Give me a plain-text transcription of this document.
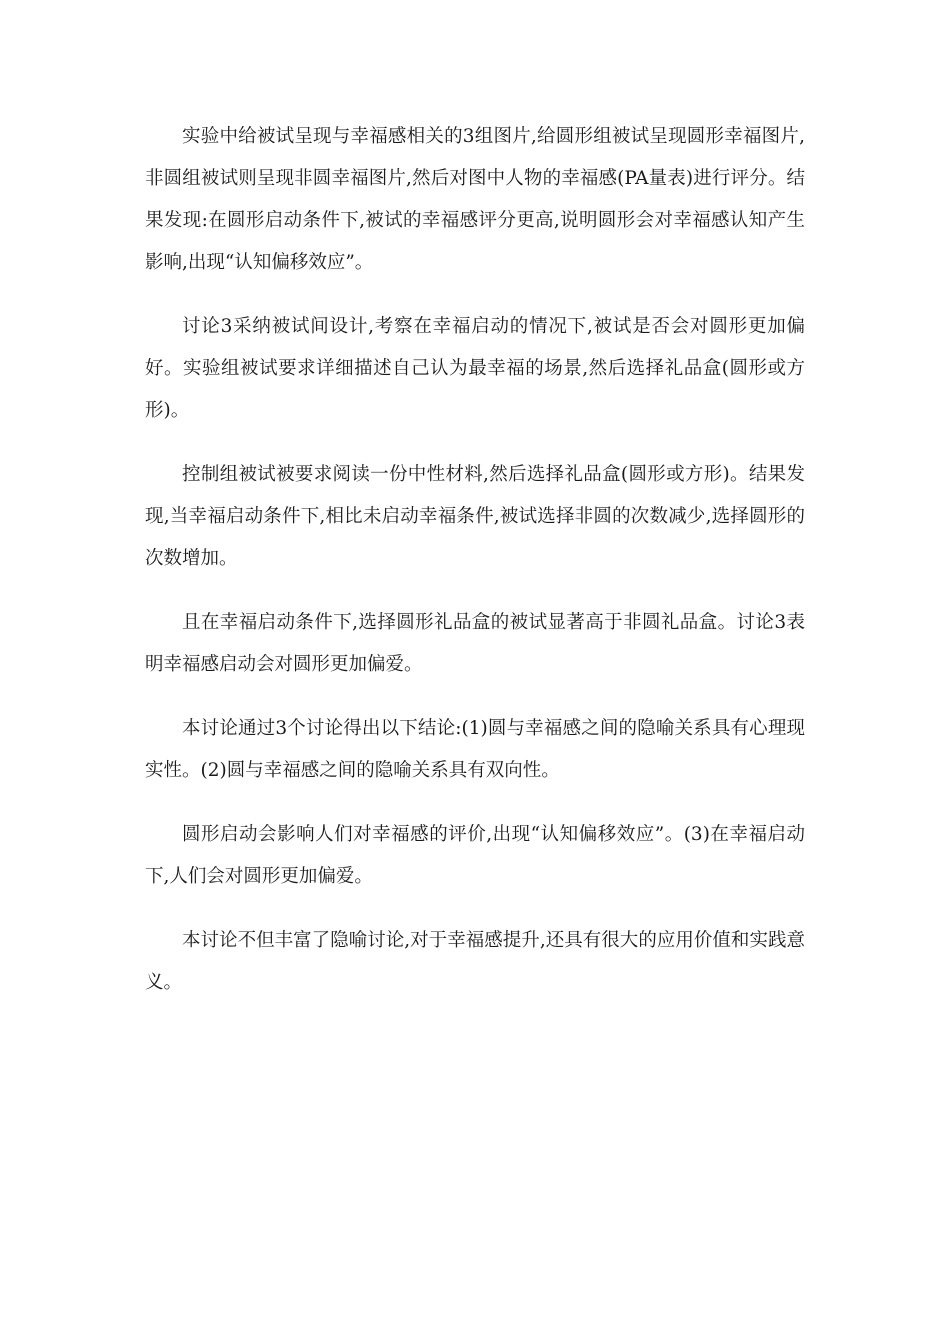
实验中给被试呈现与幸福感相关的3组图片,给圆形组被试呈现圆形幸福图片,非圆组被试则呈现非圆幸福图片,然后对图中人物的幸福感(PA量表)进行评分。结果发现:在圆形启动条件下,被试的幸福感评分更高,说明圆形会对幸福感认知产生影响,出现“认知偏移效应”。

讨论3采纳被试间设计,考察在幸福启动的情况下,被试是否会对圆形更加偏好。实验组被试要求详细描述自己认为最幸福的场景,然后选择礼品盒(圆形或方形)。

控制组被试被要求阅读一份中性材料,然后选择礼品盒(圆形或方形)。结果发现,当幸福启动条件下,相比未启动幸福条件,被试选择非圆的次数减少,选择圆形的次数增加。

且在幸福启动条件下,选择圆形礼品盒的被试显著高于非圆礼品盒。讨论3表明幸福感启动会对圆形更加偏爱。

本讨论通过3个讨论得出以下结论:(1)圆与幸福感之间的隐喻关系具有心理现实性。(2)圆与幸福感之间的隐喻关系具有双向性。

圆形启动会影响人们对幸福感的评价,出现“认知偏移效应”。(3)在幸福启动下,人们会对圆形更加偏爱。

本讨论不但丰富了隐喻讨论,对于幸福感提升,还具有很大的应用价值和实践意义。
